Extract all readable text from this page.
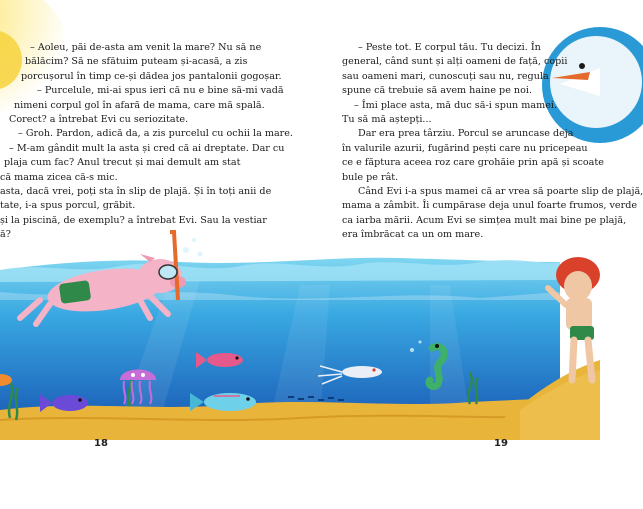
– Aoleu, păi de-asta am venit la mare? Nu să ne

bălăcim? Să ne sfătuim puteam și-acasă, a zis

porcușorul în timp ce-și dădea jos pantalonii gogoșar.

– Purcelule, mi-ai spus ieri că nu e bine să-mi vadă

nimeni corpul gol în afară de mama, care mă spală.

Corect? a întrebat Evi cu seriozitate.

– Groh. Pardon, adică da, a zis purcelul cu ochii la mare.

– M-am gândit mult la asta și cred că ai dreptate. Dar cu

plaja cum fac? Anul trecut și mai demult am stat

că mama zicea că-s mic.

asta, dacă vrei, poți sta în slip de plajă. Și în toți anii de

tate, i-a spus porcul, grăbit.

și la piscină, de exemplu? a întrebat Evi. Sau la vestiar

ă?

– Peste tot. E corpul tău. Tu decizi. În

general, când sunt și alți oameni de față, copii

sau oameni mari, cunoscuți sau nu, regula

spune că trebuie să avem haine pe noi.

– Îmi place asta, mă duc să-i spun mamei.

Tu să mă aștepți...

Dar era prea târziu. Porcul se aruncase deja

în valurile azurii, fugărind pești care nu pricepeau

ce e făptura aceea roz care grohăie prin apă și scoate

bule pe rât.

Când Evi i-a spus mamei că ar vrea să poarte slip de plajă,

mama a zâmbit. Îi cumpărase deja unul foarte frumos, verde

ca iarba mării. Acum Evi se simțea mult mai bine pe plajă,

era îmbrăcat ca un om mare.

18	19
